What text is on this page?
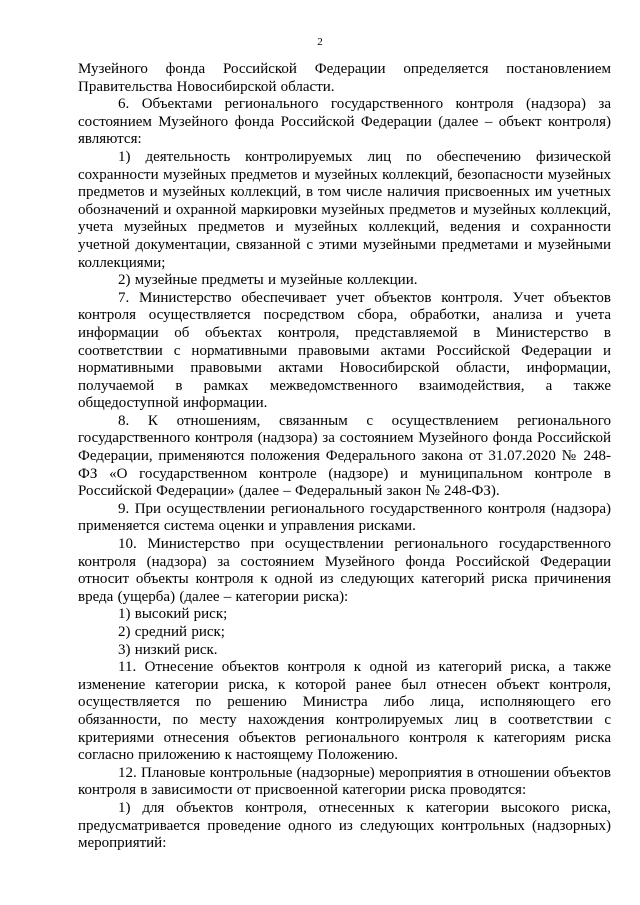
2

Музейного фонда Российской Федерации определяется постановлением Правительства Новосибирской области.

6. Объектами регионального государственного контроля (надзора) за состоянием Музейного фонда Российской Федерации (далее – объект контроля) являются:

1) деятельность контролируемых лиц по обеспечению физической сохранности музейных предметов и музейных коллекций, безопасности музейных предметов и музейных коллекций, в том числе наличия присвоенных им учетных обозначений и охранной маркировки музейных предметов и музейных коллекций, учета музейных предметов и музейных коллекций, ведения и сохранности учетной документации, связанной с этими музейными предметами и музейными коллекциями;

2) музейные предметы и музейные коллекции.

7. Министерство обеспечивает учет объектов контроля. Учет объектов контроля осуществляется посредством сбора, обработки, анализа и учета информации об объектах контроля, представляемой в Министерство в соответствии с нормативными правовыми актами Российской Федерации и нормативными правовыми актами Новосибирской области, информации, получаемой в рамках межведомственного взаимодействия, а также общедоступной информации.

8. К отношениям, связанным с осуществлением регионального государственного контроля (надзора) за состоянием Музейного фонда Российской Федерации, применяются положения Федерального закона от 31.07.2020 № 248-ФЗ «О государственном контроле (надзоре) и муниципальном контроле в Российской Федерации» (далее – Федеральный закон № 248-ФЗ).

9. При осуществлении регионального государственного контроля (надзора) применяется система оценки и управления рисками.

10. Министерство при осуществлении регионального государственного контроля (надзора) за состоянием Музейного фонда Российской Федерации относит объекты контроля к одной из следующих категорий риска причинения вреда (ущерба) (далее – категории риска):

1) высокий риск;

2) средний риск;

3) низкий риск.

11. Отнесение объектов контроля к одной из категорий риска, а также изменение категории риска, к которой ранее был отнесен объект контроля, осуществляется по решению Министра либо лица, исполняющего его обязанности, по месту нахождения контролируемых лиц в соответствии с критериями отнесения объектов регионального контроля к категориям риска согласно приложению к настоящему Положению.

12. Плановые контрольные (надзорные) мероприятия в отношении объектов контроля в зависимости от присвоенной категории риска проводятся:

1) для объектов контроля, отнесенных к категории высокого риска, предусматривается проведение одного из следующих контрольных (надзорных) мероприятий:
